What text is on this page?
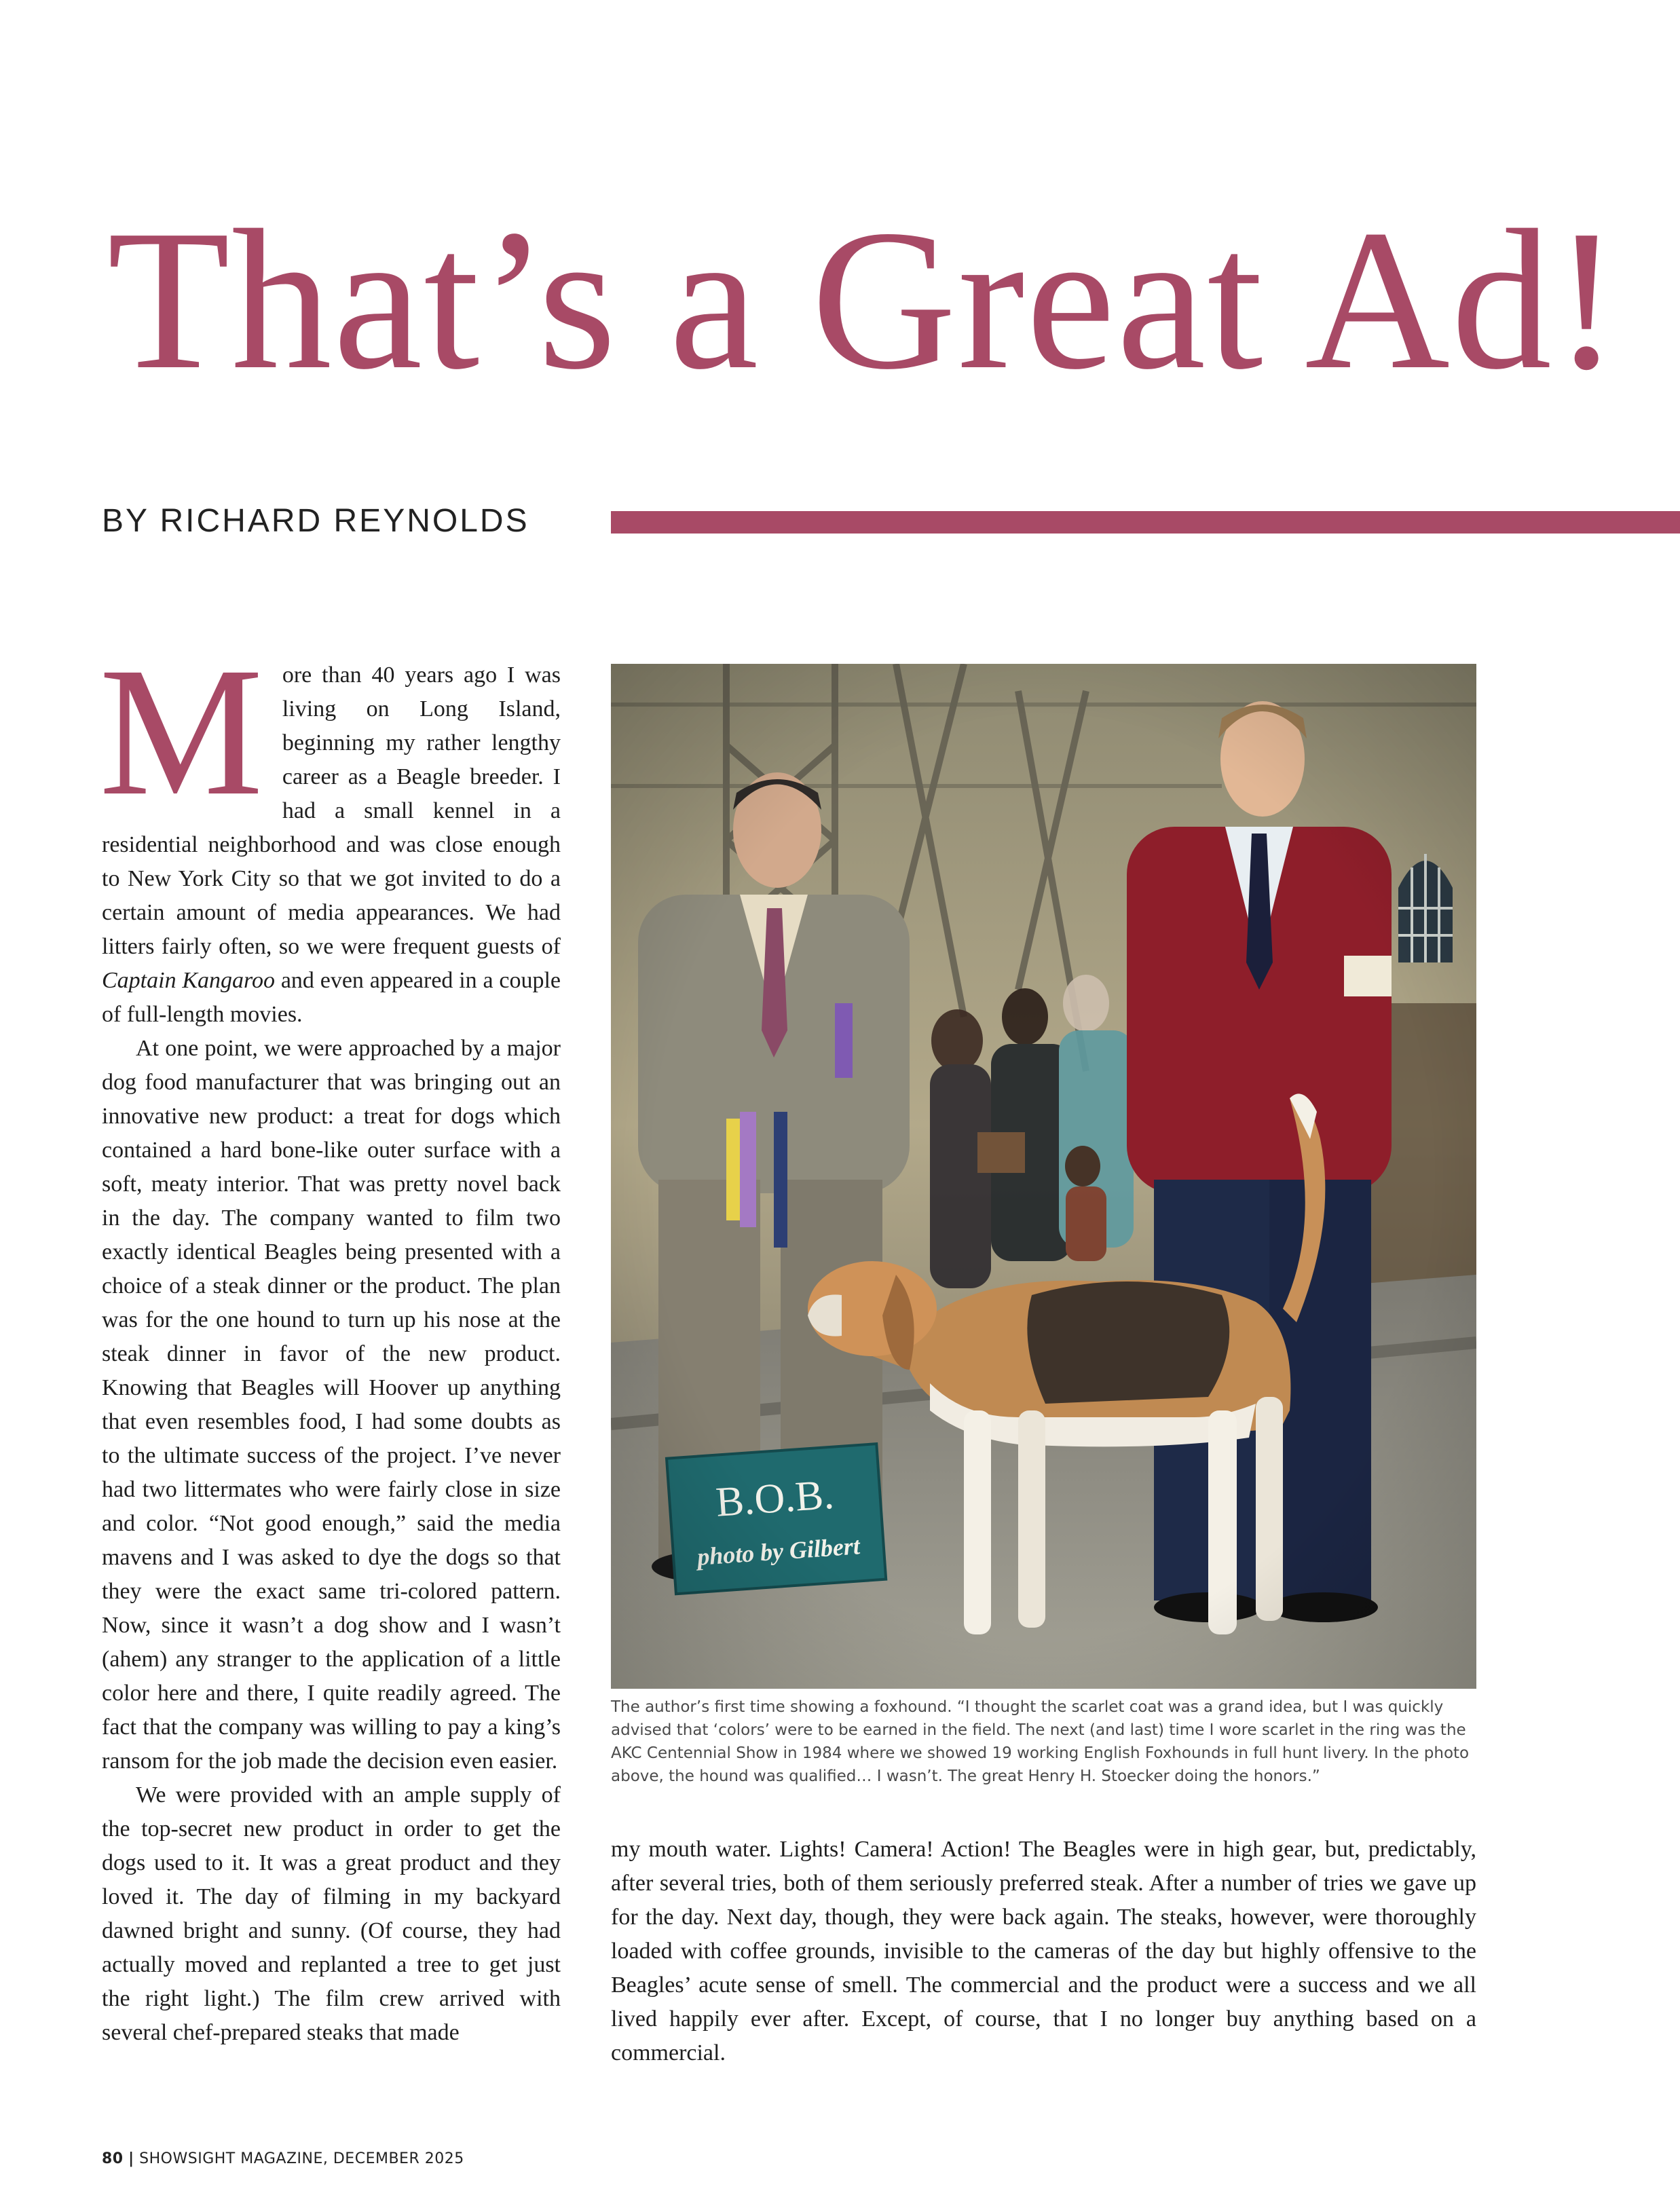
That’s a Great Ad!
BY RICHARD REYNOLDS

More than 40 years ago I was living on Long Island, beginning my rather lengthy career as a Beagle breeder. I had a small kennel in a residential neighborhood and was close enough to New York City so that we got invited to do a certain amount of media appearances. We had litters fairly often, so we were frequent guests of Captain Kangaroo and even appeared in a couple of full-length movies.

At one point, we were approached by a major dog food manufacturer that was bringing out an innovative new product: a treat for dogs which contained a hard bone-like outer surface with a soft, meaty interior. That was pretty novel back in the day. The company wanted to film two exactly identical Beagles being presented with a choice of a steak dinner or the product. The plan was for the one hound to turn up his nose at the steak dinner in favor of the new product. Knowing that Beagles will Hoover up anything that even resembles food, I had some doubts as to the ultimate success of the project. I’ve never had two littermates who were fairly close in size and color. “Not good enough,” said the media mavens and I was asked to dye the dogs so that they were the exact same tri-colored pattern. Now, since it wasn’t a dog show and I wasn’t (ahem) any stranger to the application of a little color here and there, I quite readily agreed. The fact that the company was willing to pay a king’s ransom for the job made the decision even easier.

We were provided with an ample supply of the top-secret new product in order to get the dogs used to it. It was a great product and they loved it. The day of filming in my backyard dawned bright and sunny. (Of course, they had actually moved and replanted a tree to get just the right light.) The film crew arrived with several chef-prepared steaks that made

The author’s first time showing a foxhound. “I thought the scarlet coat was a grand idea, but I was quickly advised that ‘colors’ were to be earned in the field. The next (and last) time I wore scarlet in the ring was the AKC Centennial Show in 1984 where we showed 19 working English Foxhounds in full hunt livery. In the photo above, the hound was qualified… I wasn’t. The great Henry H. Stoecker doing the honors.”

my mouth water. Lights! Camera! Action! The Beagles were in high gear, but, predictably, after several tries, both of them seriously preferred steak. After a number of tries we gave up for the day. Next day, though, they were back again. The steaks, however, were thoroughly loaded with coffee grounds, invisible to the cameras of the day but highly offensive to the Beagles’ acute sense of smell. The commercial and the product were a success and we all lived happily ever after. Except, of course, that I no longer buy anything based on a commercial.

80 | SHOWSIGHT MAGAZINE, DECEMBER 2025
